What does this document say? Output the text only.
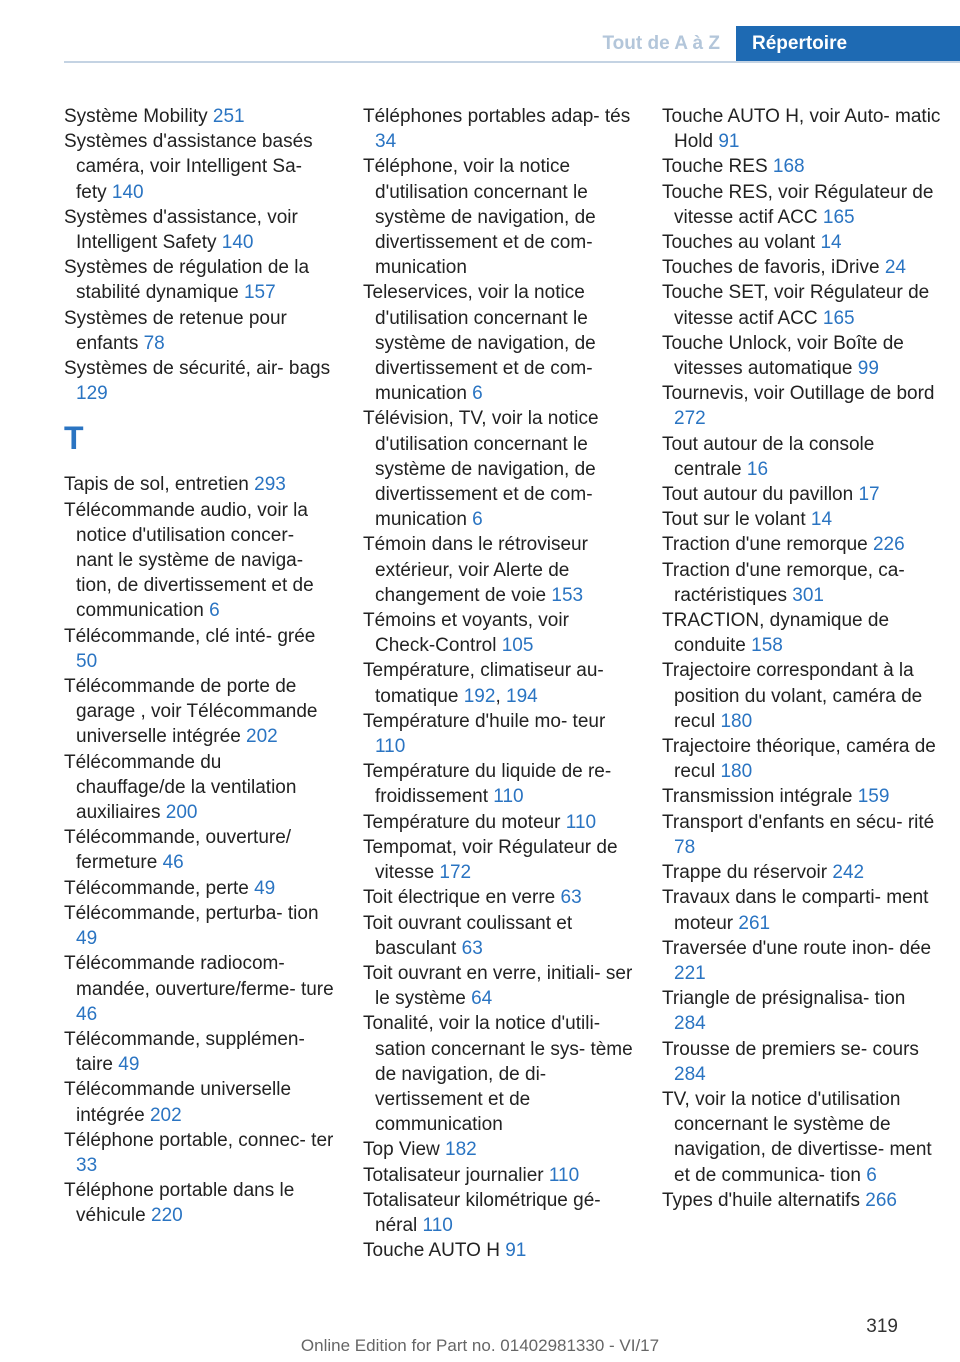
Tout de A à Z	Répertoire
Système Mobility 251
Systèmes d'assistance basés caméra, voir Intelligent Sa‐ fety 140
Systèmes d'assistance, voir Intelligent Safety 140
Systèmes de régulation de la stabilité dynamique 157
Systèmes de retenue pour enfants 78
Systèmes de sécurité, air‐ bags 129
T
Tapis de sol, entretien 293
Télécommande audio, voir la notice d'utilisation concer‐ nant le système de naviga‐ tion, de divertissement et de communication 6
Télécommande, clé inté‐ grée 50
Télécommande de porte de garage , voir Télécommande universelle intégrée 202
Télécommande du chauffage/de la ventilation auxiliaires 200
Télécommande, ouverture/ fermeture 46
Télécommande, perte 49
Télécommande, perturba‐ tion 49
Télécommande radiocom‐ mandée, ouverture/ferme‐ ture 46
Télécommande, supplémen‐ taire 49
Télécommande universelle intégrée 202
Téléphone portable, connec‐ ter 33
Téléphone portable dans le véhicule 220
Téléphones portables adap‐ tés 34
Téléphone, voir la notice d'utilisation concernant le système de navigation, de divertissement et de com‐ munication
Teleservices, voir la notice d'utilisation concernant le système de navigation, de divertissement et de com‐ munication 6
Télévision, TV, voir la notice d'utilisation concernant le système de navigation, de divertissement et de com‐ munication 6
Témoin dans le rétroviseur extérieur, voir Alerte de changement de voie 153
Témoins et voyants, voir Check-Control 105
Température, climatiseur au‐ tomatique 192, 194
Température d'huile mo‐ teur 110
Température du liquide de re‐ froidissement 110
Température du moteur 110
Tempomat, voir Régulateur de vitesse 172
Toit électrique en verre 63
Toit ouvrant coulissant et basculant 63
Toit ouvrant en verre, initiali‐ ser le système 64
Tonalité, voir la notice d'utili‐ sation concernant le sys‐ tème de navigation, de di‐ vertissement et de communication
Top View 182
Totalisateur journalier 110
Totalisateur kilométrique gé‐ néral 110
Touche AUTO H 91
Touche AUTO H, voir Auto‐ matic Hold 91
Touche RES 168
Touche RES, voir Régulateur de vitesse actif ACC 165
Touches au volant 14
Touches de favoris, iDrive 24
Touche SET, voir Régulateur de vitesse actif ACC 165
Touche Unlock, voir Boîte de vitesses automatique 99
Tournevis, voir Outillage de bord 272
Tout autour de la console centrale 16
Tout autour du pavillon 17
Tout sur le volant 14
Traction d'une remorque 226
Traction d'une remorque, ca‐ ractéristiques 301
TRACTION, dynamique de conduite 158
Trajectoire correspondant à la position du volant, caméra de recul 180
Trajectoire théorique, caméra de recul 180
Transmission intégrale 159
Transport d'enfants en sécu‐ rité 78
Trappe du réservoir 242
Travaux dans le comparti‐ ment moteur 261
Traversée d'une route inon‐ dée 221
Triangle de présignalisa‐ tion 284
Trousse de premiers se‐ cours 284
TV, voir la notice d'utilisation concernant le système de navigation, de divertisse‐ ment et de communica‐ tion 6
Types d'huile alternatifs 266
319
Online Edition for Part no. 01402981330 - VI/17
